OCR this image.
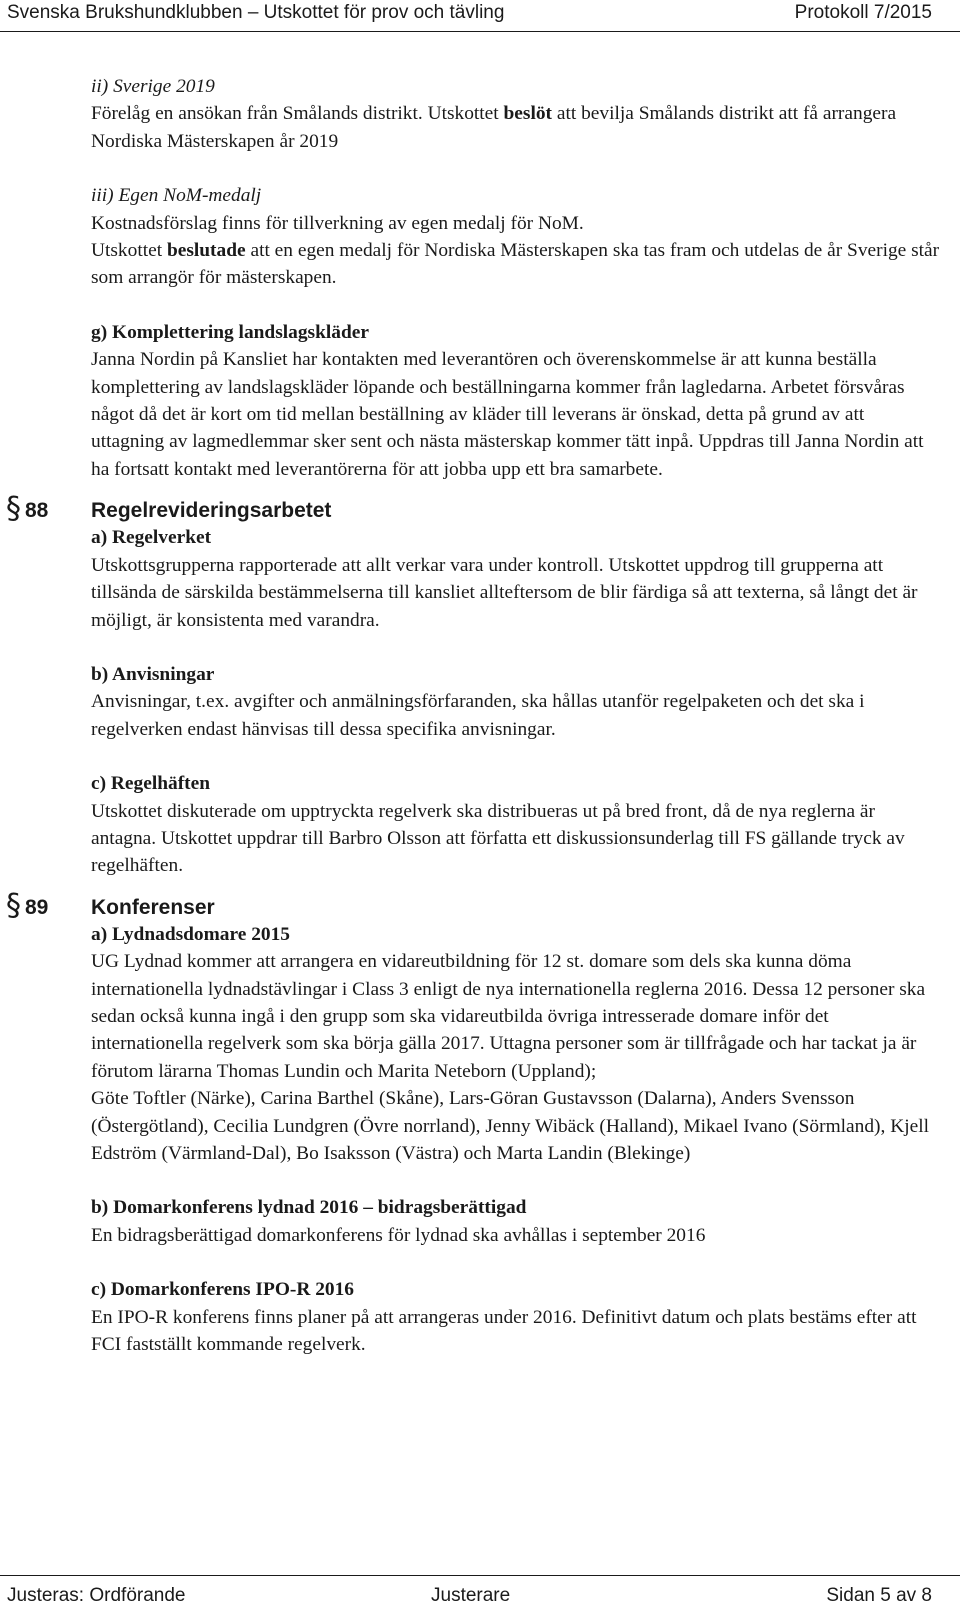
Svenska Brukshundklubben – Utskottet för prov och tävling	Protokoll 7/2015

ii) Sverige 2019

Förelåg en ansökan från Smålands distrikt. Utskottet beslöt att bevilja Smålands distrikt att få arrangera Nordiska Mästerskapen år 2019

iii) Egen NoM-medalj

Kostnadsförslag finns för tillverkning av egen medalj för NoM.

Utskottet beslutade att en egen medalj för Nordiska Mästerskapen ska tas fram och utdelas de år Sverige står som arrangör för mästerskapen.

g) Komplettering landslagskläder

Janna Nordin på Kansliet har kontakten med leverantören och överenskommelse är att kunna beställa komplettering av landslagskläder löpande och beställningarna kommer från lagledarna. Arbetet försvåras något då det är kort om tid mellan beställning av kläder till leverans är önskad, detta på grund av att uttagning av lagmedlemmar sker sent och nästa mästerskap kommer tätt inpå. Uppdras till Janna Nordin att ha fortsatt kontakt med leverantörerna för att jobba upp ett bra samarbete.

§ 88 Regelrevideringsarbetet

a) Regelverket

Utskottsgrupperna rapporterade att allt verkar vara under kontroll. Utskottet uppdrog till grupperna att tillsända de särskilda bestämmelserna till kansliet allteftersom de blir färdiga så att texterna, så långt det är möjligt, är konsistenta med varandra.

b) Anvisningar

Anvisningar, t.ex. avgifter och anmälningsförfaranden, ska hållas utanför regelpaketen och det ska i regelverken endast hänvisas till dessa specifika anvisningar.

c) Regelhäften

Utskottet diskuterade om upptryckta regelverk ska distribueras ut på bred front, då de nya reglerna är antagna. Utskottet uppdrar till Barbro Olsson att författa ett diskussionsunderlag till FS gällande tryck av regelhäften.

§ 89 Konferenser

a) Lydnadsdomare 2015

UG Lydnad kommer att arrangera en vidareutbildning för 12 st. domare som dels ska kunna döma internationella lydnadstävlingar i Class 3 enligt de nya internationella reglerna 2016. Dessa 12 personer ska sedan också kunna ingå i den grupp som ska vidareutbilda övriga intresserade domare inför det internationella regelverk som ska börja gälla 2017. Uttagna personer som är tillfrågade och har tackat ja är förutom lärarna Thomas Lundin och Marita Neteborn (Uppland);

Göte Toftler (Närke), Carina Barthel (Skåne), Lars-Göran Gustavsson (Dalarna), Anders Svensson (Östergötland), Cecilia Lundgren (Övre norrland), Jenny Wibäck (Halland), Mikael Ivano (Sörmland), Kjell Edström (Värmland-Dal), Bo Isaksson (Västra) och Marta Landin (Blekinge)

b) Domarkonferens lydnad 2016 – bidragsberättigad

En bidragsberättigad domarkonferens för lydnad ska avhållas i september 2016

c) Domarkonferens IPO-R 2016

En IPO-R konferens finns planer på att arrangeras under 2016. Definitivt datum och plats bestäms efter att FCI fastställt kommande regelverk.

Justeras: Ordförande	Justerare	Sidan 5 av 8
